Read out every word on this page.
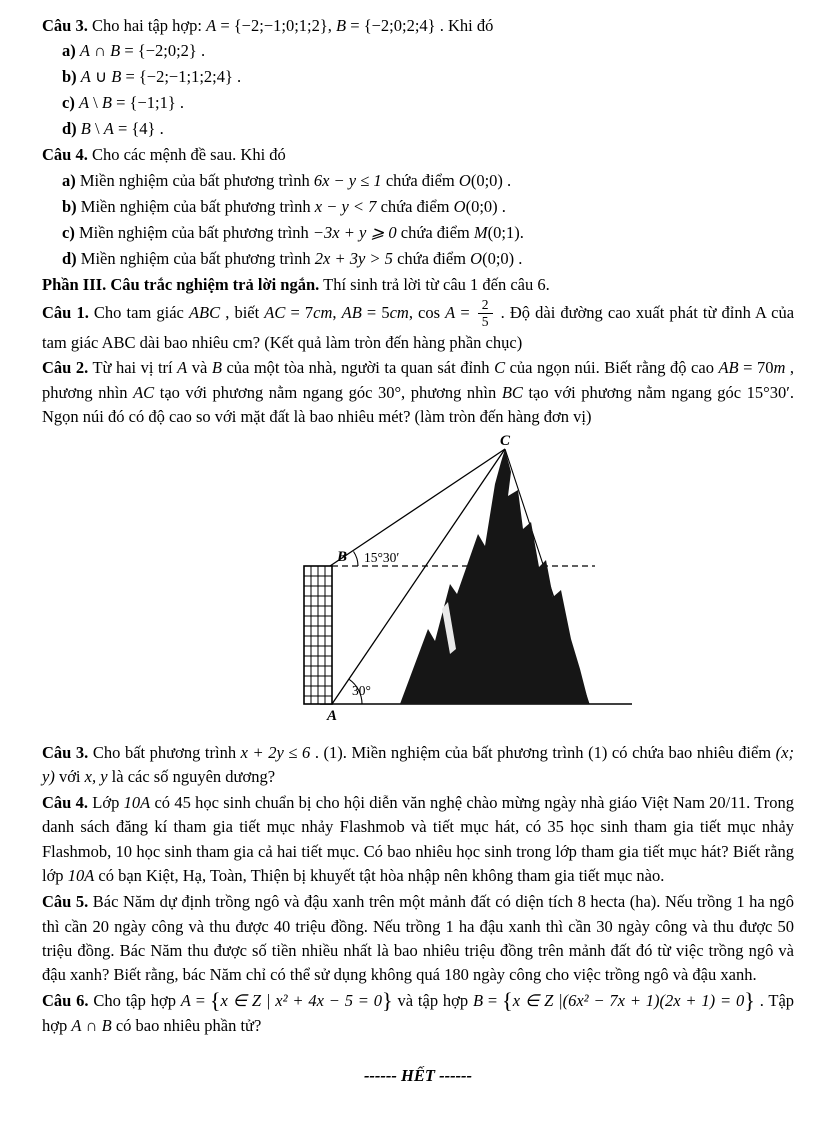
Câu 3. Cho hai tập hợp: A = {−2;−1;0;1;2}, B = {−2;0;2;4} . Khi đó

a) A ∩ B = {−2;0;2} .

b) A ∪ B = {−2;−1;1;2;4} .

c) A \ B = {−1;1} .

d) B \ A = {4} .

Câu 4. Cho các mệnh đề sau. Khi đó

a) Miền nghiệm của bất phương trình 6x − y ≤ 1 chứa điểm O(0;0) .

b) Miền nghiệm của bất phương trình x − y < 7 chứa điểm O(0;0) .

c) Miền nghiệm của bất phương trình −3x + y ⩾ 0 chứa điểm M(0;1).

d) Miền nghiệm của bất phương trình 2x + 3y > 5 chứa điểm O(0;0) .

Phần III. Câu trắc nghiệm trả lời ngắn. Thí sinh trả lời từ câu 1 đến câu 6.

Câu 1. Cho tam giác ABC , biết AC = 7cm, AB = 5cm, $\cos A = \frac{2}{5}$ . Độ dài đường cao xuất phát từ đỉnh A của tam giác ABC dài bao nhiêu cm? (Kết quả làm tròn đến hàng phần chục)

Câu 2. Từ hai vị trí A và B của một tòa nhà, người ta quan sát đỉnh C của ngọn núi. Biết rằng độ cao AB = 70m , phương nhìn AC tạo với phương nằm ngang góc 30°, phương nhìn BC tạo với phương nằm ngang góc 15°30′. Ngọn núi đó có độ cao so với mặt đất là bao nhiêu mét? (làm tròn đến hàng đơn vị)

C
B
A
15°30′
30°

Câu 3. Cho bất phương trình x + 2y ≤ 6 . (1). Miền nghiệm của bất phương trình (1) có chứa bao nhiêu điểm (x; y) với x, y là các số nguyên dương?

Câu 4. Lớp 10A có 45 học sinh chuẩn bị cho hội diễn văn nghệ chào mừng ngày nhà giáo Việt Nam 20/11. Trong danh sách đăng kí tham gia tiết mục nhảy Flashmob và tiết mục hát, có 35 học sinh tham gia tiết mục nhảy Flashmob, 10 học sinh tham gia cả hai tiết mục. Có bao nhiêu học sinh trong lớp tham gia tiết mục hát? Biết rằng lớp 10A có bạn Kiệt, Hạ, Toàn, Thiện bị khuyết tật hòa nhập nên không tham gia tiết mục nào.

Câu 5. Bác Năm dự định trồng ngô và đậu xanh trên một mảnh đất có diện tích 8 hecta (ha). Nếu trồng 1 ha ngô thì cần 20 ngày công và thu được 40 triệu đồng. Nếu trồng 1 ha đậu xanh thì cần 30 ngày công và thu được 50 triệu đồng. Bác Năm thu được số tiền nhiều nhất là bao nhiêu triệu đồng trên mảnh đất đó từ việc trồng ngô và đậu xanh? Biết rằng, bác Năm chỉ có thể sử dụng không quá 180 ngày công cho việc trồng ngô và đậu xanh.

Câu 6. Cho tập hợp A = {x ∈ Z | x² + 4x − 5 = 0} và tập hợp B = {x ∈ Z |(6x² − 7x + 1)(2x + 1) = 0} . Tập hợp A ∩ B có bao nhiêu phần tử?

------ HẾT ------
